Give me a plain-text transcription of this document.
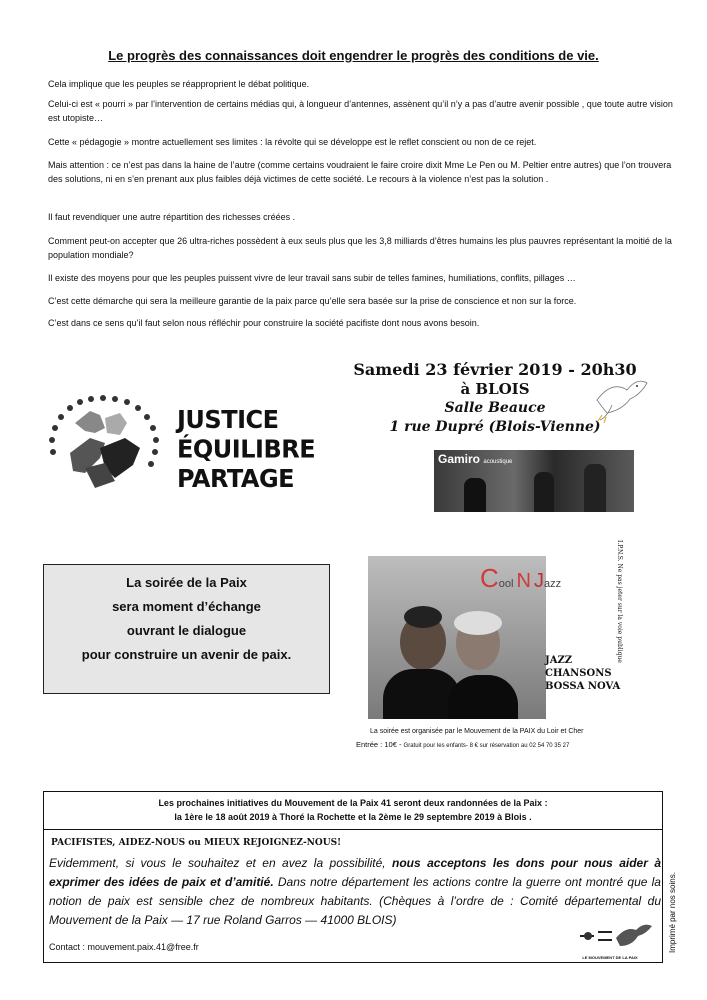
Le progrès des connaissances doit engendrer le progrès des conditions de vie.
Cela implique que les peuples se réapproprient le débat politique.
Celui-ci est « pourri » par l’intervention de certains médias qui, à longueur d’antennes, assènent qu’il n’y a pas d’autre avenir possible , que toute autre vision est utopiste…
Cette « pédagogie » montre actuellement ses limites : la révolte qui se développe est le reflet conscient ou non de ce rejet.
Mais attention : ce n’est pas dans la haine de l’autre (comme certains voudraient le faire croire dixit Mme Le Pen ou M. Peltier entre autres) que l’on trouvera des solutions, ni en s’en prenant aux plus faibles déjà victimes de cette société. Le recours à la violence n’est pas la solution .
Il faut revendiquer une autre répartition des richesses créées .
Comment peut-on accepter que 26 ultra-riches possèdent à eux seuls plus que les 3,8 milliards d’êtres humains les plus pauvres représentant la moitié de la population mondiale?
Il existe des moyens pour que les peuples puissent vivre de leur travail sans subir de telles famines, humiliations, conflits, pillages …
C’est cette démarche qui sera la meilleure garantie de la paix parce qu’elle sera basée sur la prise de conscience et non sur la force.
C’est dans ce sens qu’il faut selon nous réfléchir pour construire la société pacifiste dont nous avons besoin.
JUSTICE
ÉQUILIBRE
PARTAGE
Samedi 23 février 2019 - 20h30
à BLOIS
Salle Beauce
1 rue Dupré (Blois-Vienne)
Gamiro acoustique
Cool N Jazz
JAZZ
CHANSONS
BOSSA NOVA
I.P.N.S. Ne pas jeter sur la voie publique
La soirée est organisée par le Mouvement de la PAIX du Loir et Cher
Entrée : 10€ - Gratuit pour les enfants- 8 € sur réservation au 02 54 70 35 27
La soirée de la Paix
sera moment d’échange
ouvrant le dialogue
pour construire un avenir de paix.
Les prochaines initiatives du Mouvement de la Paix 41 seront deux randonnées de la Paix :
la 1ère le 18 août 2019 à Thoré la Rochette et la 2ème le 29 septembre 2019 à Blois .
PACIFISTES, AIDEZ-NOUS ou MIEUX REJOIGNEZ-NOUS!
Evidemment, si vous le souhaitez et en avez la possibilité, nous acceptons les dons pour nous aider à exprimer des idées de paix et d’amitié. Dans notre département les actions contre la guerre ont montré que la notion de paix est sensible chez de nombreux habitants. (Chèques à l’ordre de : Comité départemental du Mouvement de la Paix — 17 rue Roland Garros — 41000 BLOIS)
Contact : mouvement.paix.41@free.fr
LE MOUVEMENT DE LA PAIX
Imprimé par nos soins.
